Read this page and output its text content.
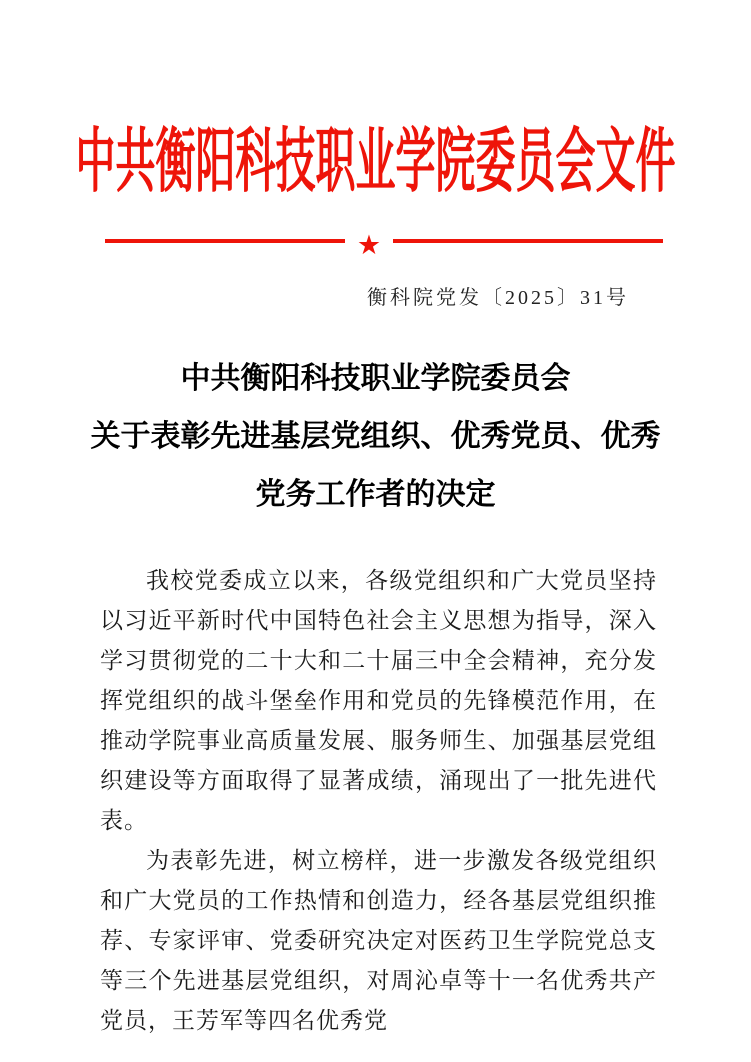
中共衡阳科技职业学院委员会文件
★
衡科院党发〔2025〕31号
中共衡阳科技职业学院委员会
关于表彰先进基层党组织、优秀党员、优秀
党务工作者的决定

我校党委成立以来，各级党组织和广大党员坚持以习近平新时代中国特色社会主义思想为指导，深入学习贯彻党的二十大和二十届三中全会精神，充分发挥党组织的战斗堡垒作用和党员的先锋模范作用，在推动学院事业高质量发展、服务师生、加强基层党组织建设等方面取得了显著成绩，涌现出了一批先进代表。

为表彰先进，树立榜样，进一步激发各级党组织和广大党员的工作热情和创造力，经各基层党组织推荐、专家评审、党委研究决定对医药卫生学院党总支等三个先进基层党组织，对周沁卓等十一名优秀共产党员，王芳军等四名优秀党
